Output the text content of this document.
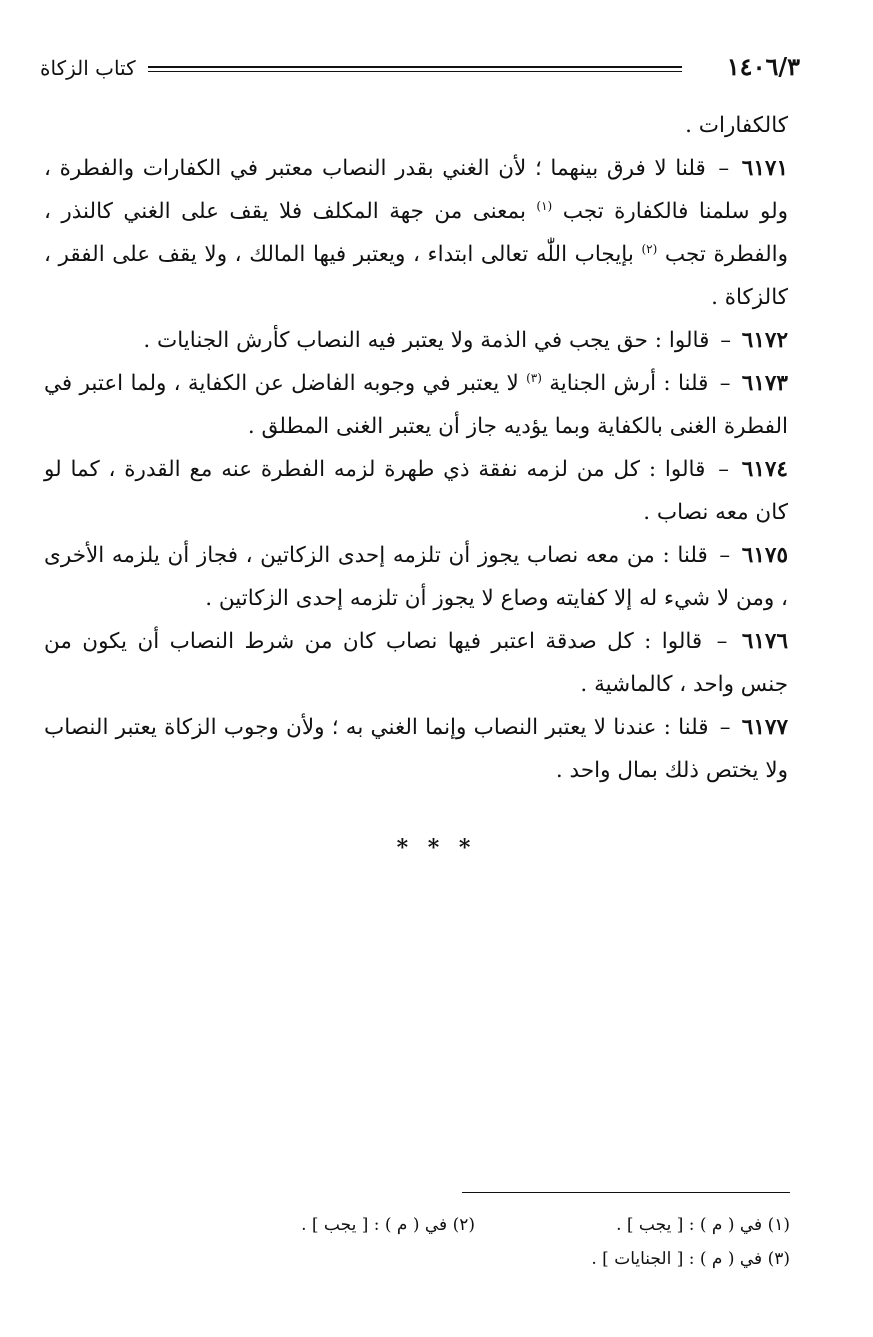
كتاب الزكاة	١٤٠٦/٣

كالكفارات .

٦١٧١ – قلنا لا فرق بينهما ؛ لأن الغني بقدر النصاب معتبر في الكفارات والفطرة ، ولو سلمنا فالكفارة تجب $^{(١)}$ بمعنى من جهة المكلف فلا يقف على الغني كالنذر ، والفطرة تجب $^{(٢)}$ بإيجاب اللّٰه تعالى ابتداء ، ويعتبر فيها المالك ، ولا يقف على الفقر ، كالزكاة .

٦١٧٢ – قالوا : حق يجب في الذمة ولا يعتبر فيه النصاب كأرش الجنايات .

٦١٧٣ – قلنا : أرش الجناية $^{(٣)}$ لا يعتبر في وجوبه الفاضل عن الكفاية ، ولما اعتبر في الفطرة الغنى بالكفاية وبما يؤديه جاز أن يعتبر الغنى المطلق .

٦١٧٤ – قالوا : كل من لزمه نفقة ذي طهرة لزمه الفطرة عنه مع القدرة ، كما لو كان معه نصاب .

٦١٧٥ – قلنا : من معه نصاب يجوز أن تلزمه إحدى الزكاتين ، فجاز أن يلزمه الأخرى ، ومن لا شيء له إلا كفايته وصاع لا يجوز أن تلزمه إحدى الزكاتين .

٦١٧٦ – قالوا : كل صدقة اعتبر فيها نصاب كان من شرط النصاب أن يكون من جنس واحد ، كالماشية .

٦١٧٧ – قلنا : عندنا لا يعتبر النصاب وإنما الغني به ؛ ولأن وجوب الزكاة يعتبر النصاب ولا يختص ذلك بمال واحد .

* * *
(١) في ( م ) : [ يجب ] .
(٢) في ( م ) : [ يجب ] .
(٣) في ( م ) : [ الجنايات ] .
